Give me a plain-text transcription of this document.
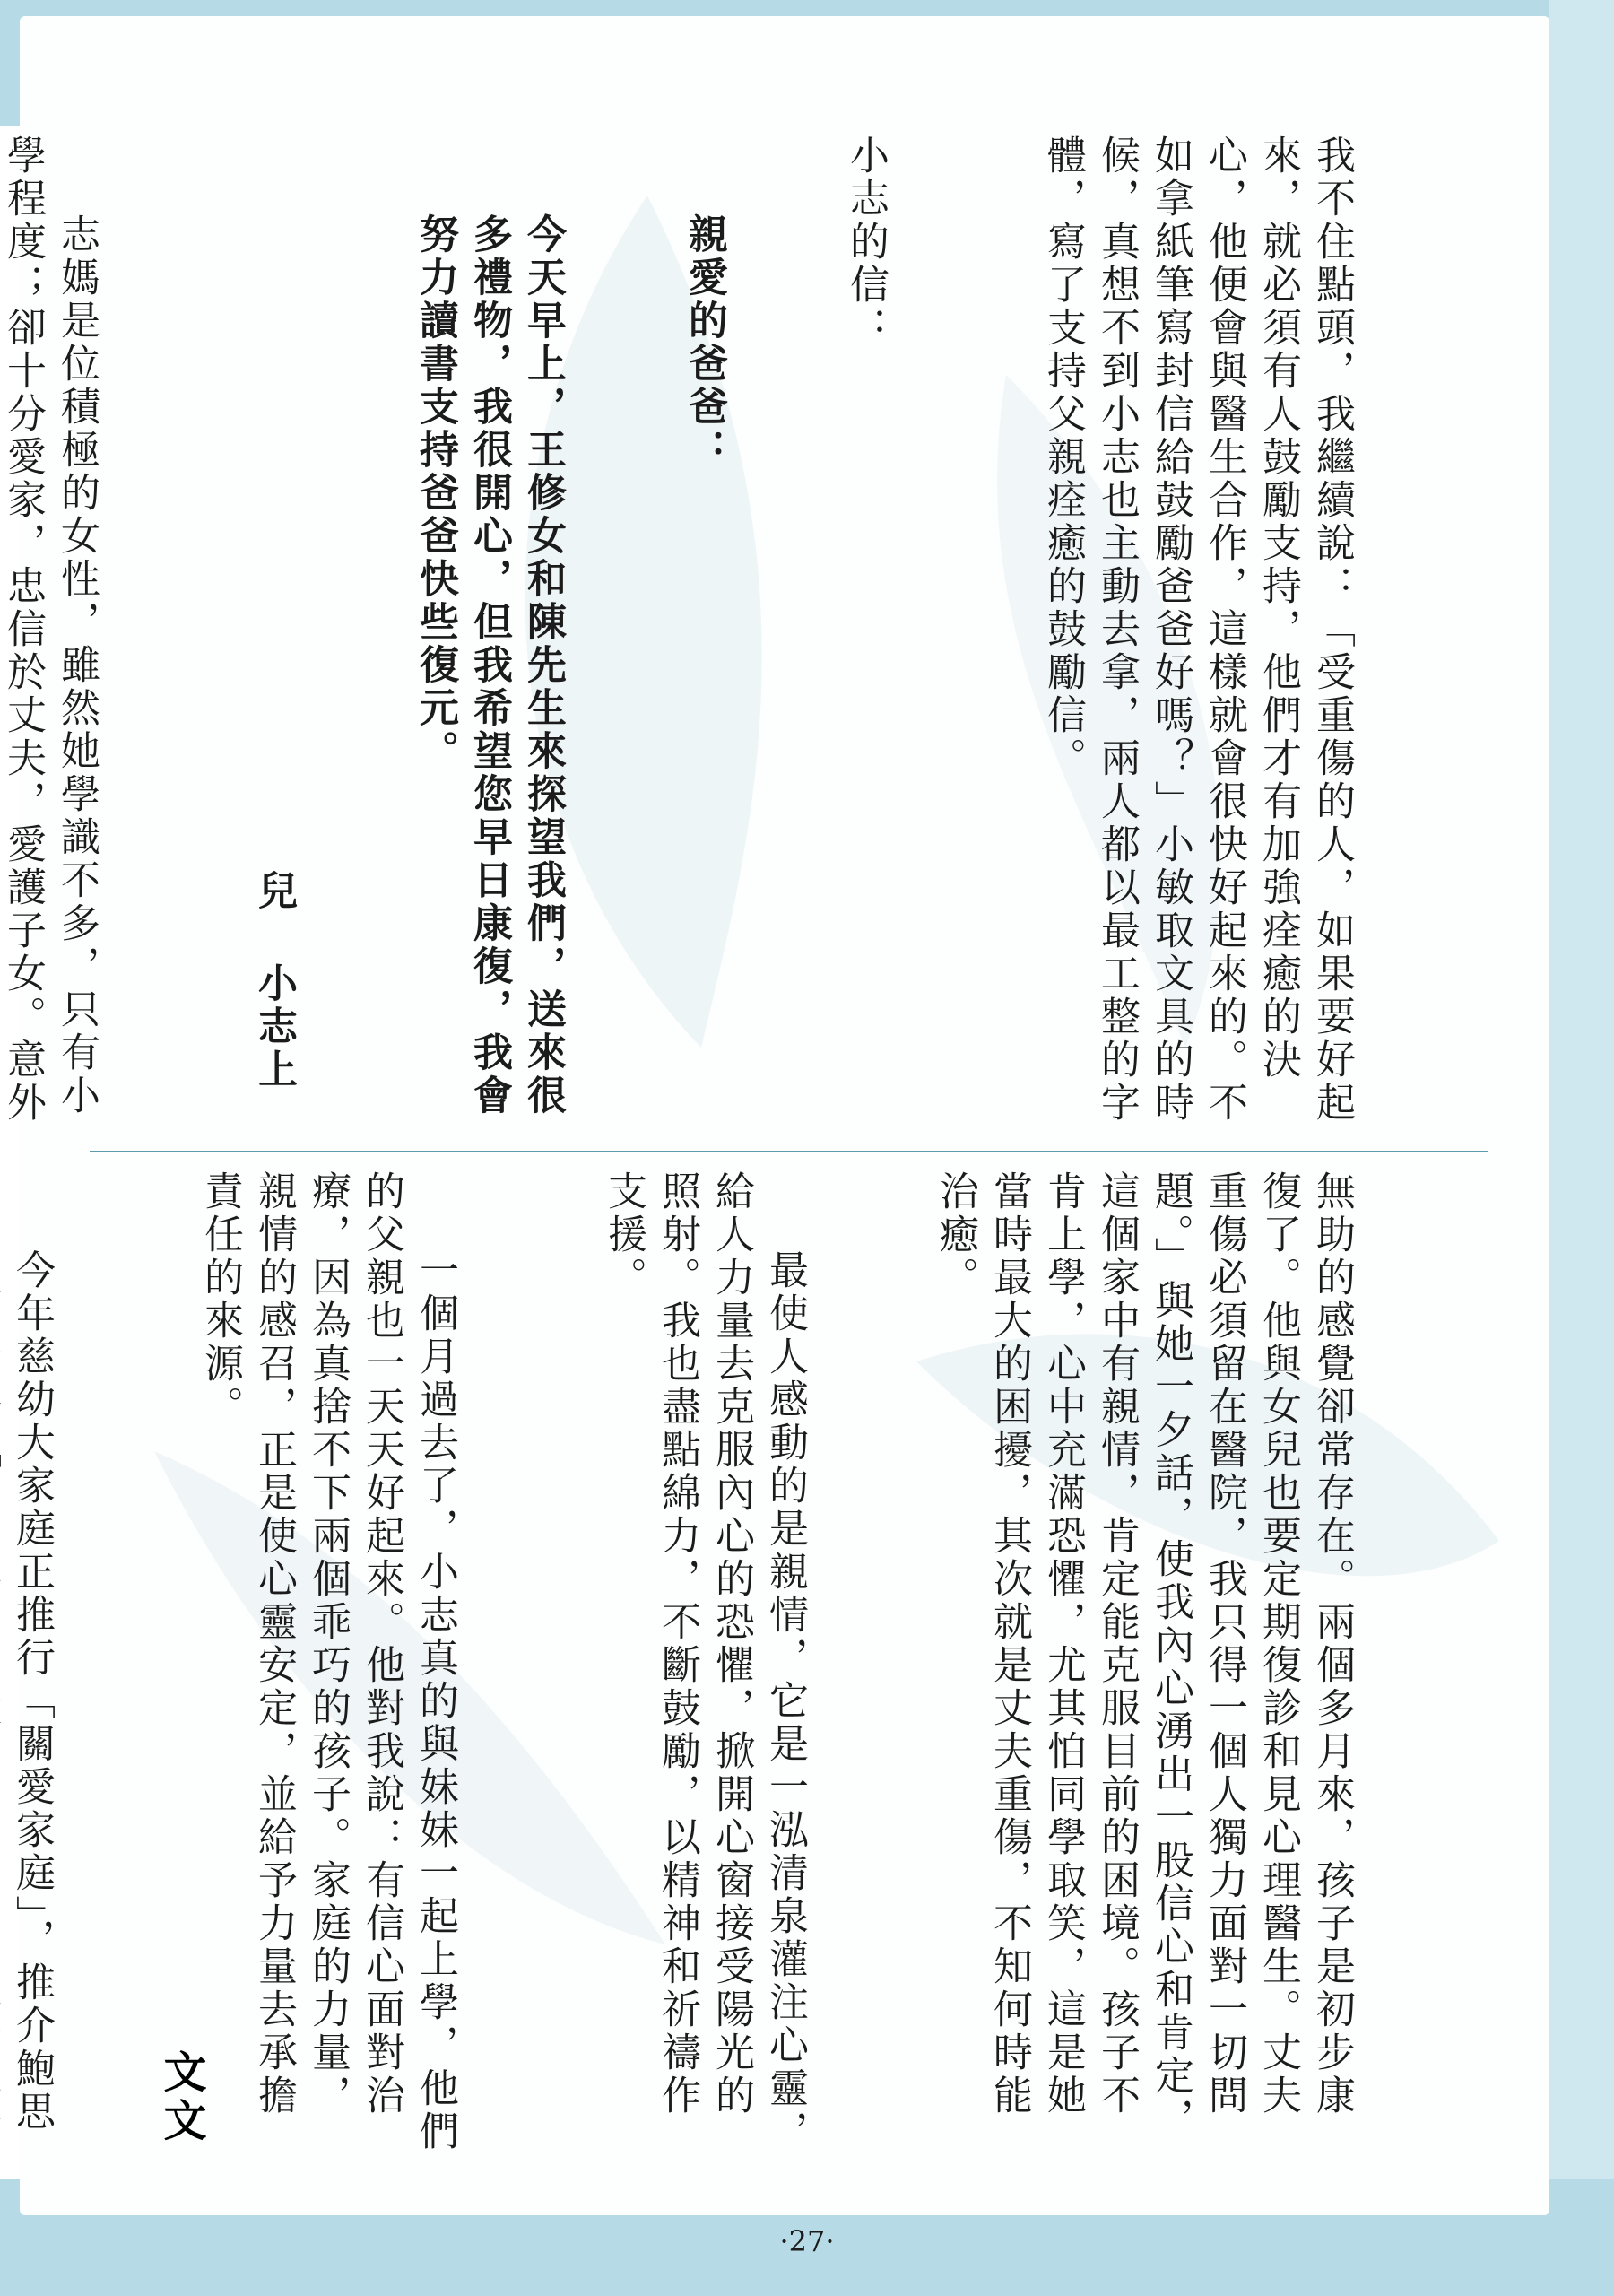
我不住點頭，我繼續說：「受重傷的人，如果要好起來，就必須有人鼓勵支持，他們才有加強痊癒的決心，他便會與醫生合作，這樣就會很快好起來的。不如拿紙筆寫封信給鼓勵爸爸好嗎？」小敏取文具的時候，真想不到小志也主動去拿，兩人都以最工整的字體，寫了支持父親痊癒的鼓勵信。

小志的信：

親愛的爸爸：

今天早上，王修女和陳先生來探望我們，送來很多禮物，我很開心，但我希望您早日康復，我會努力讀書支持爸爸快些復元。

兒 小志上

志媽是位積極的女性，雖然她學識不多，只有小學程度；卻十分愛家，忠信於丈夫，愛護子女。意外

無助的感覺卻常存在。兩個多月來，孩子是初步康復了。他與女兒也要定期復診和見心理醫生。丈夫重傷必須留在醫院，我只得一個人獨力面對一切問題。」與她一夕話，使我內心湧出一股信心和肯定，這個家中有親情，肯定能克服目前的困境。孩子不肯上學，心中充滿恐懼，尤其怕同學取笑，這是她當時最大的困擾，其次就是丈夫重傷，不知何時能治癒。

最使人感動的是親情，它是一泓清泉灌注心靈，給人力量去克服內心的恐懼，掀開心窗接受陽光的照射。我也盡點綿力，不斷鼓勵，以精神和祈禱作支援。

一個月過去了，小志真的與妹妹一起上學，他們的父親也一天天好起來。他對我說：有信心面對治療，因為真捨不下兩個乖巧的孩子。家庭的力量，親情的感召，正是使心靈安定，並給予力量去承擔責任的來源。

今年慈幼大家庭正推行「關愛家庭」，推介鮑思

文文
·27·
